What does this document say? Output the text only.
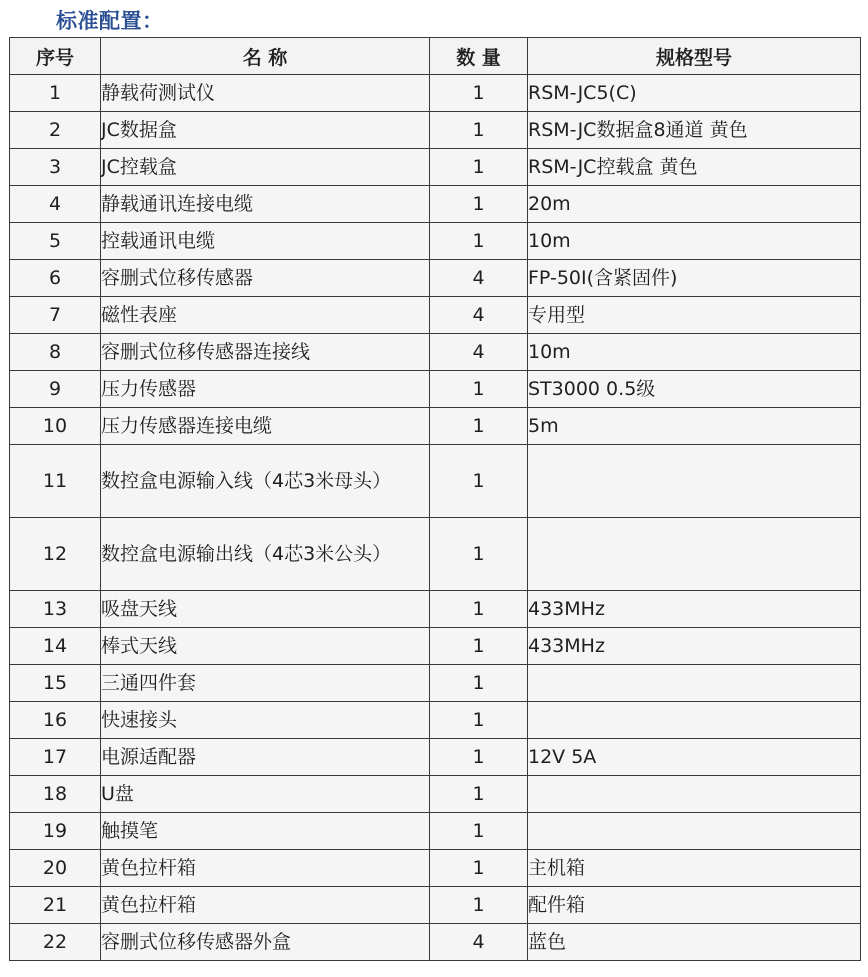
标准配置：
序号	名 称	数 量	规格型号
1	静载荷测试仪	1	RSM-JC5(C)
2	JC数据盒	1	RSM-JC数据盒8通道 黄色
3	JC控载盒	1	RSM-JC控载盒 黄色
4	静载通讯连接电缆	1	20m
5	控载通讯电缆	1	10m
6	容删式位移传感器	4	FP-50I(含紧固件)
7	磁性表座	4	专用型
8	容删式位移传感器连接线	4	10m
9	压力传感器	1	ST3000 0.5级
10	压力传感器连接电缆	1	5m
11	数控盒电源输入线（4芯3米母头）	1	
12	数控盒电源输出线（4芯3米公头）	1	
13	吸盘天线	1	433MHz
14	棒式天线	1	433MHz
15	三通四件套	1	
16	快速接头	1	
17	电源适配器	1	12V 5A
18	U盘	1	
19	触摸笔	1	
20	黄色拉杆箱	1	主机箱
21	黄色拉杆箱	1	配件箱
22	容删式位移传感器外盒	4	蓝色
